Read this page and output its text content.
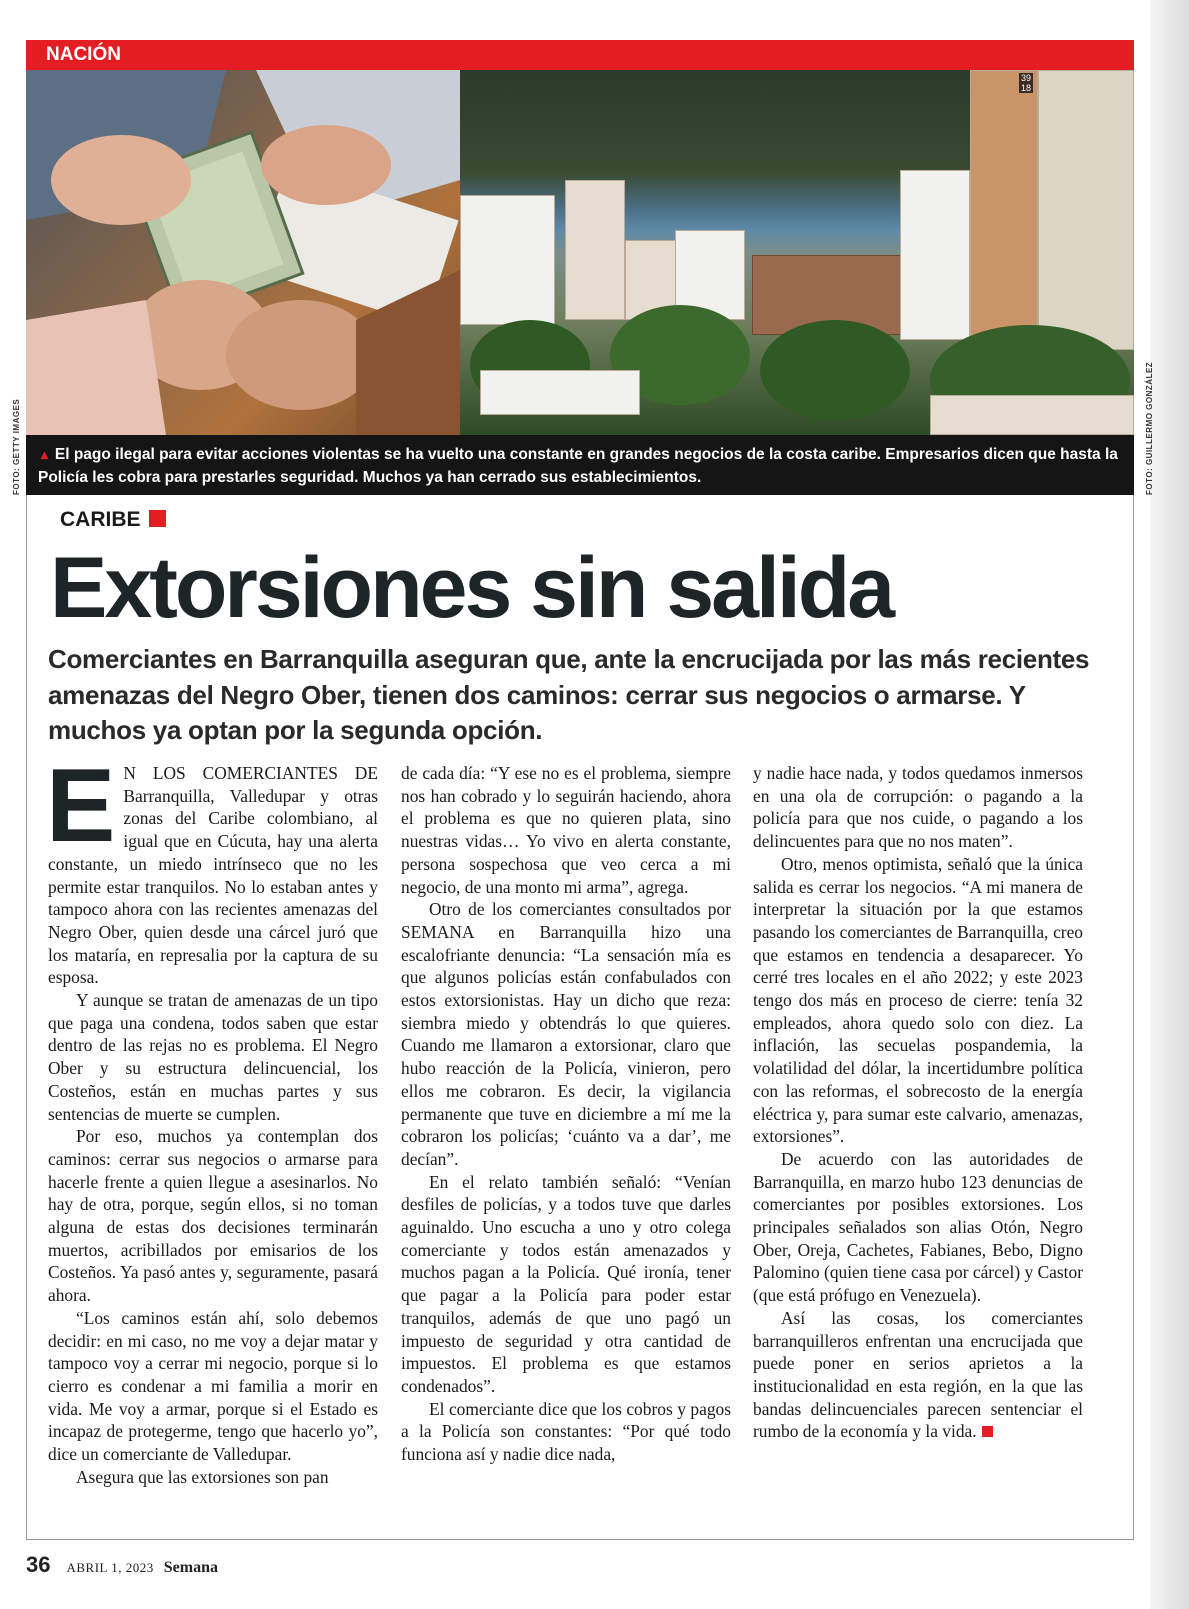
NACIÓN
3918
▲ El pago ilegal para evitar acciones violentas se ha vuelto una constante en grandes negocios de la costa caribe. Empresarios dicen que hasta la Policía les cobra para prestarles seguridad. Muchos ya han cerrado sus establecimientos.
FOTO: GETTY IMAGES	FOTO: GUILLERMO GONZÁLEZ
CARIBE
Extorsiones sin salida

Comerciantes en Barranquilla aseguran que, ante la encrucijada por las más recientes amenazas del Negro Ober, tienen dos caminos: cerrar sus negocios o armarse. Y muchos ya optan por la segunda opción.

E N LOS COMERCIANTES DE Barranquilla, Valledupar y otras zonas del Caribe colombiano, al igual que en Cúcuta, hay una alerta constante, un miedo intrínseco que no les permite estar tranquilos. No lo estaban antes y tampoco ahora con las recientes amenazas del Negro Ober, quien desde una cárcel juró que los mataría, en represalia por la captura de su esposa.

Y aunque se tratan de amenazas de un tipo que paga una condena, todos saben que estar dentro de las rejas no es problema. El Negro Ober y su estructura delincuencial, los Costeños, están en muchas partes y sus sentencias de muerte se cumplen.

Por eso, muchos ya contemplan dos caminos: cerrar sus negocios o armarse para hacerle frente a quien llegue a asesinarlos. No hay de otra, porque, según ellos, si no toman alguna de estas dos decisiones terminarán muertos, acribillados por emisarios de los Costeños. Ya pasó antes y, seguramente, pasará ahora.

“Los caminos están ahí, solo debemos decidir: en mi caso, no me voy a dejar matar y tampoco voy a cerrar mi negocio, porque si lo cierro es condenar a mi familia a morir en vida. Me voy a armar, porque si el Estado es incapaz de protegerme, tengo que hacerlo yo”, dice un comerciante de Valledupar.

Asegura que las extorsiones son pan

de cada día: “Y ese no es el problema, siempre nos han cobrado y lo seguirán haciendo, ahora el problema es que no quieren plata, sino nuestras vidas… Yo vivo en alerta constante, persona sospechosa que veo cerca a mi negocio, de una monto mi arma”, agrega.

Otro de los comerciantes consultados por SEMANA en Barranquilla hizo una escalofriante denuncia: “La sensación mía es que algunos policías están confabulados con estos extorsionistas. Hay un dicho que reza: siembra miedo y obtendrás lo que quieres. Cuando me llamaron a extorsionar, claro que hubo reacción de la Policía, vinieron, pero ellos me cobraron. Es decir, la vigilancia permanente que tuve en diciembre a mí me la cobraron los policías; ‘cuánto va a dar’, me decían”.

En el relato también señaló: “Venían desfiles de policías, y a todos tuve que darles aguinaldo. Uno escucha a uno y otro colega comerciante y todos están amenazados y muchos pagan a la Policía. Qué ironía, tener que pagar a la Policía para poder estar tranquilos, además de que uno pagó un impuesto de seguridad y otra cantidad de impuestos. El problema es que estamos condenados”.

El comerciante dice que los cobros y pagos a la Policía son constantes: “Por qué todo funciona así y nadie dice nada,

y nadie hace nada, y todos quedamos inmersos en una ola de corrupción: o pagando a la policía para que nos cuide, o pagando a los delincuentes para que no nos maten”.

Otro, menos optimista, señaló que la única salida es cerrar los negocios. “A mi manera de interpretar la situación por la que estamos pasando los comerciantes de Barranquilla, creo que estamos en tendencia a desaparecer. Yo cerré tres locales en el año 2022; y este 2023 tengo dos más en proceso de cierre: tenía 32 empleados, ahora quedo solo con diez. La inflación, las secuelas pospandemia, la volatilidad del dólar, la incertidumbre política con las reformas, el sobrecosto de la energía eléctrica y, para sumar este calvario, amenazas, extorsiones”.

De acuerdo con las autoridades de Barranquilla, en marzo hubo 123 denuncias de comerciantes por posibles extorsiones. Los principales señalados son alias Otón, Negro Ober, Oreja, Cachetes, Fabianes, Bebo, Digno Palomino (quien tiene casa por cárcel) y Castor (que está prófugo en Venezuela).

Así las cosas, los comerciantes barranquilleros enfrentan una encrucijada que puede poner en serios aprietos a la institucionalidad en esta región, en la que las bandas delincuenciales parecen sentenciar el rumbo de la economía y la vida.

36 ABRIL 1, 2023 Semana
